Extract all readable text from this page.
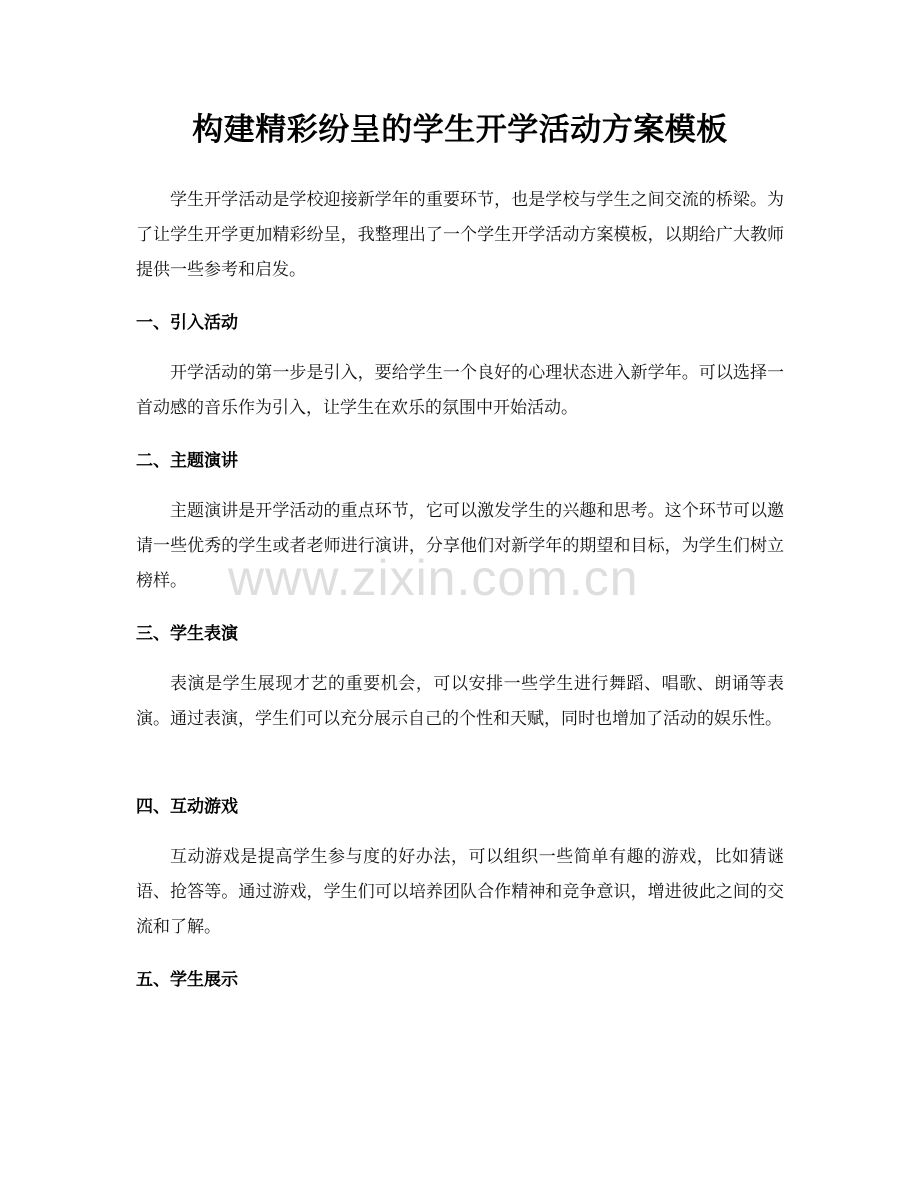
构建精彩纷呈的学生开学活动方案模板

学生开学活动是学校迎接新学年的重要环节，也是学校与学生之间交流的桥梁。为了让学生开学更加精彩纷呈，我整理出了一个学生开学活动方案模板，以期给广大教师提供一些参考和启发。

一、引入活动

开学活动的第一步是引入，要给学生一个良好的心理状态进入新学年。可以选择一首动感的音乐作为引入，让学生在欢乐的氛围中开始活动。

二、主题演讲

主题演讲是开学活动的重点环节，它可以激发学生的兴趣和思考。这个环节可以邀请一些优秀的学生或者老师进行演讲，分享他们对新学年的期望和目标，为学生们树立榜样。

三、学生表演

表演是学生展现才艺的重要机会，可以安排一些学生进行舞蹈、唱歌、朗诵等表演。通过表演，学生们可以充分展示自己的个性和天赋，同时也增加了活动的娱乐性。

四、互动游戏

互动游戏是提高学生参与度的好办法，可以组织一些简单有趣的游戏，比如猜谜语、抢答等。通过游戏，学生们可以培养团队合作精神和竞争意识，增进彼此之间的交流和了解。

五、学生展示

www.zixin.com.cn
